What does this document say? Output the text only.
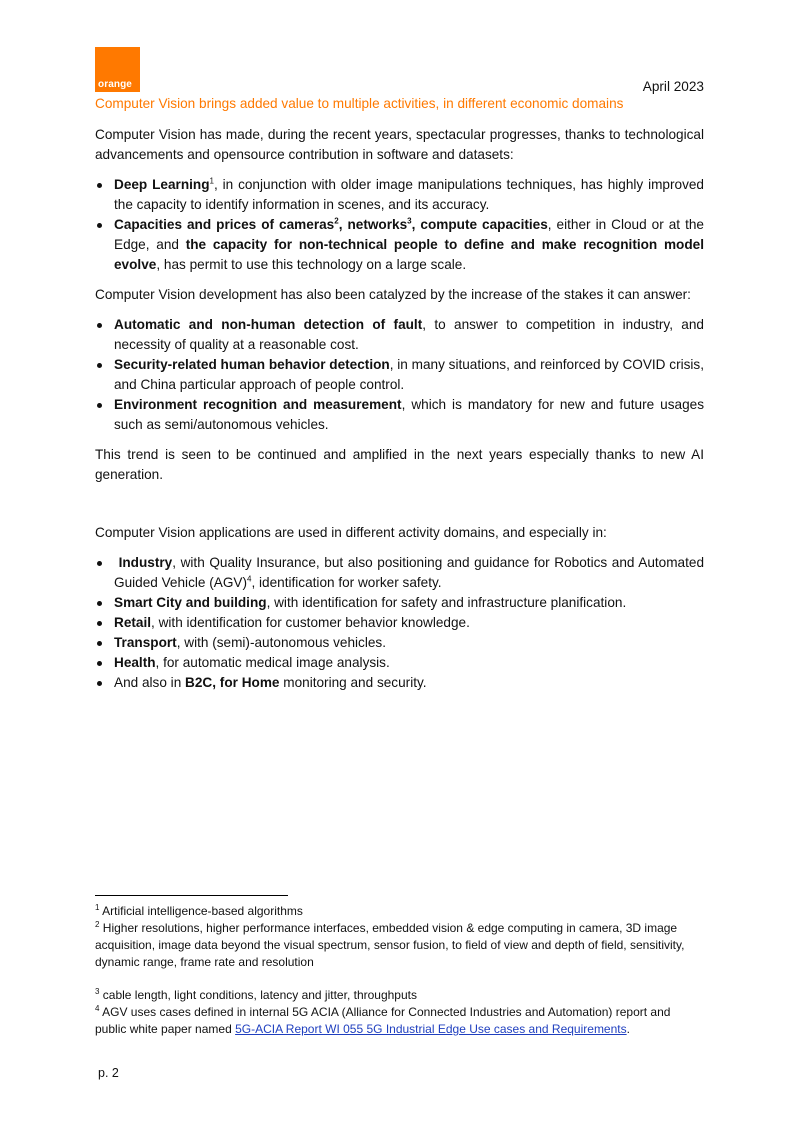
orange	April 2023
Computer Vision brings added value to multiple activities, in different economic domains

Computer Vision has made, during the recent years, spectacular progresses, thanks to technological advancements and opensource contribution in software and datasets:

Deep Learning$^1$, in conjunction with older image manipulations techniques, has highly improved the capacity to identify information in scenes, and its accuracy.
Capacities and prices of cameras$^2$, networks$^3$, compute capacities, either in Cloud or at the Edge, and the capacity for non-technical people to define and make recognition model evolve, has permit to use this technology on a large scale.

Computer Vision development has also been catalyzed by the increase of the stakes it can answer:

Automatic and non-human detection of fault, to answer to competition in industry, and necessity of quality at a reasonable cost.
Security-related human behavior detection, in many situations, and reinforced by COVID crisis, and China particular approach of people control.
Environment recognition and measurement, which is mandatory for new and future usages such as semi/autonomous vehicles.

This trend is seen to be continued and amplified in the next years especially thanks to new AI generation.

Computer Vision applications are used in different activity domains, and especially in:

Industry, with Quality Insurance, but also positioning and guidance for Robotics and Automated Guided Vehicle (AGV)$^4$, identification for worker safety.
Smart City and building, with identification for safety and infrastructure planification.
Retail, with identification for customer behavior knowledge.
Transport, with (semi)-autonomous vehicles.
Health, for automatic medical image analysis.
And also in B2C, for Home monitoring and security.
$^1$ Artificial intelligence-based algorithms
$^2$ Higher resolutions, higher performance interfaces, embedded vision & edge computing in camera, 3D image acquisition, image data beyond the visual spectrum, sensor fusion, to field of view and depth of field, sensitivity, dynamic range, frame rate and resolution
$^3$ cable length, light conditions, latency and jitter, throughputs
$^4$ AGV uses cases defined in internal 5G ACIA (Alliance for Connected Industries and Automation) report and public white paper named 5G-ACIA Report WI 055 5G Industrial Edge Use cases and Requirements.
p. 2
